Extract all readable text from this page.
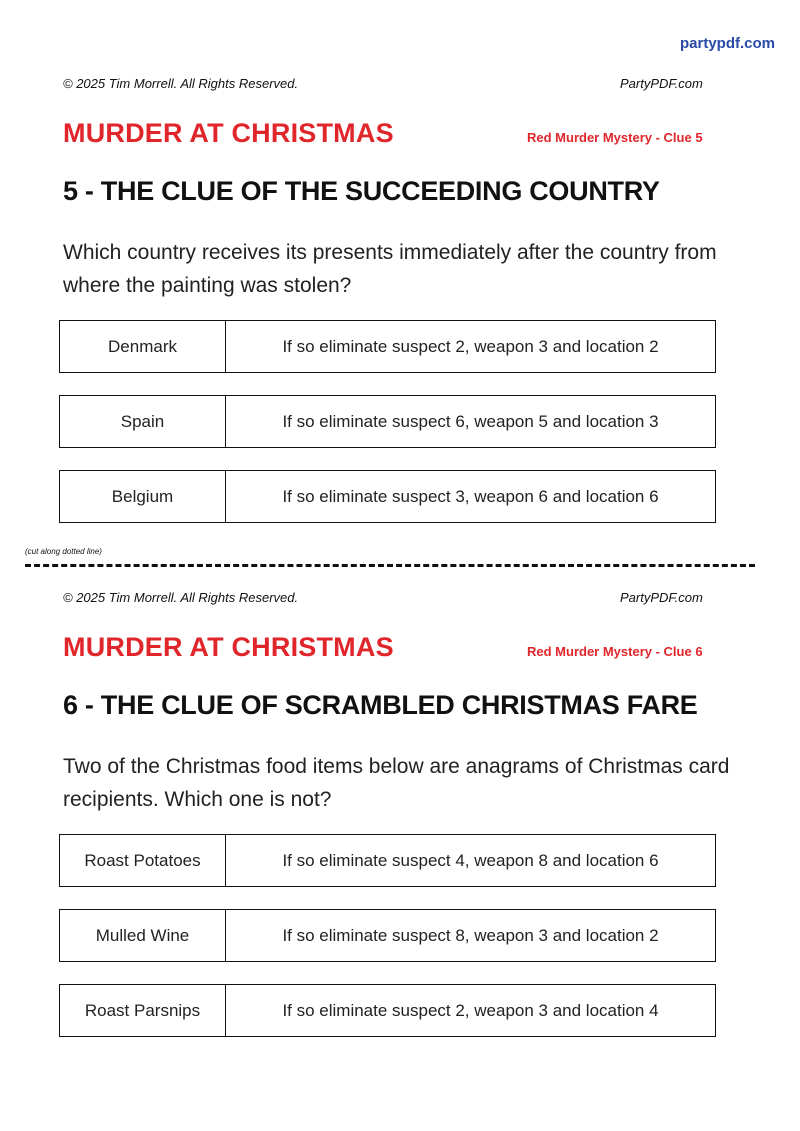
partypdf.com
© 2025 Tim Morrell. All Rights Reserved.	PartyPDF.com
MURDER AT CHRISTMAS	Red Murder Mystery - Clue 5
5 - THE CLUE OF THE SUCCEEDING COUNTRY
Which country receives its presents immediately after the country from where the painting was stolen?
Denmark	If so eliminate suspect 2, weapon 3 and location 2
Spain	If so eliminate suspect 6, weapon 5 and location 3
Belgium	If so eliminate suspect 3, weapon 6 and location 6
(cut along dotted line)
© 2025 Tim Morrell. All Rights Reserved.	PartyPDF.com
MURDER AT CHRISTMAS	Red Murder Mystery - Clue 6
6 - THE CLUE OF SCRAMBLED CHRISTMAS FARE
Two of the Christmas food items below are anagrams of Christmas card recipients. Which one is not?
Roast Potatoes	If so eliminate suspect 4, weapon 8 and location 6
Mulled Wine	If so eliminate suspect 8, weapon 3 and location 2
Roast Parsnips	If so eliminate suspect 2, weapon 3 and location 4
